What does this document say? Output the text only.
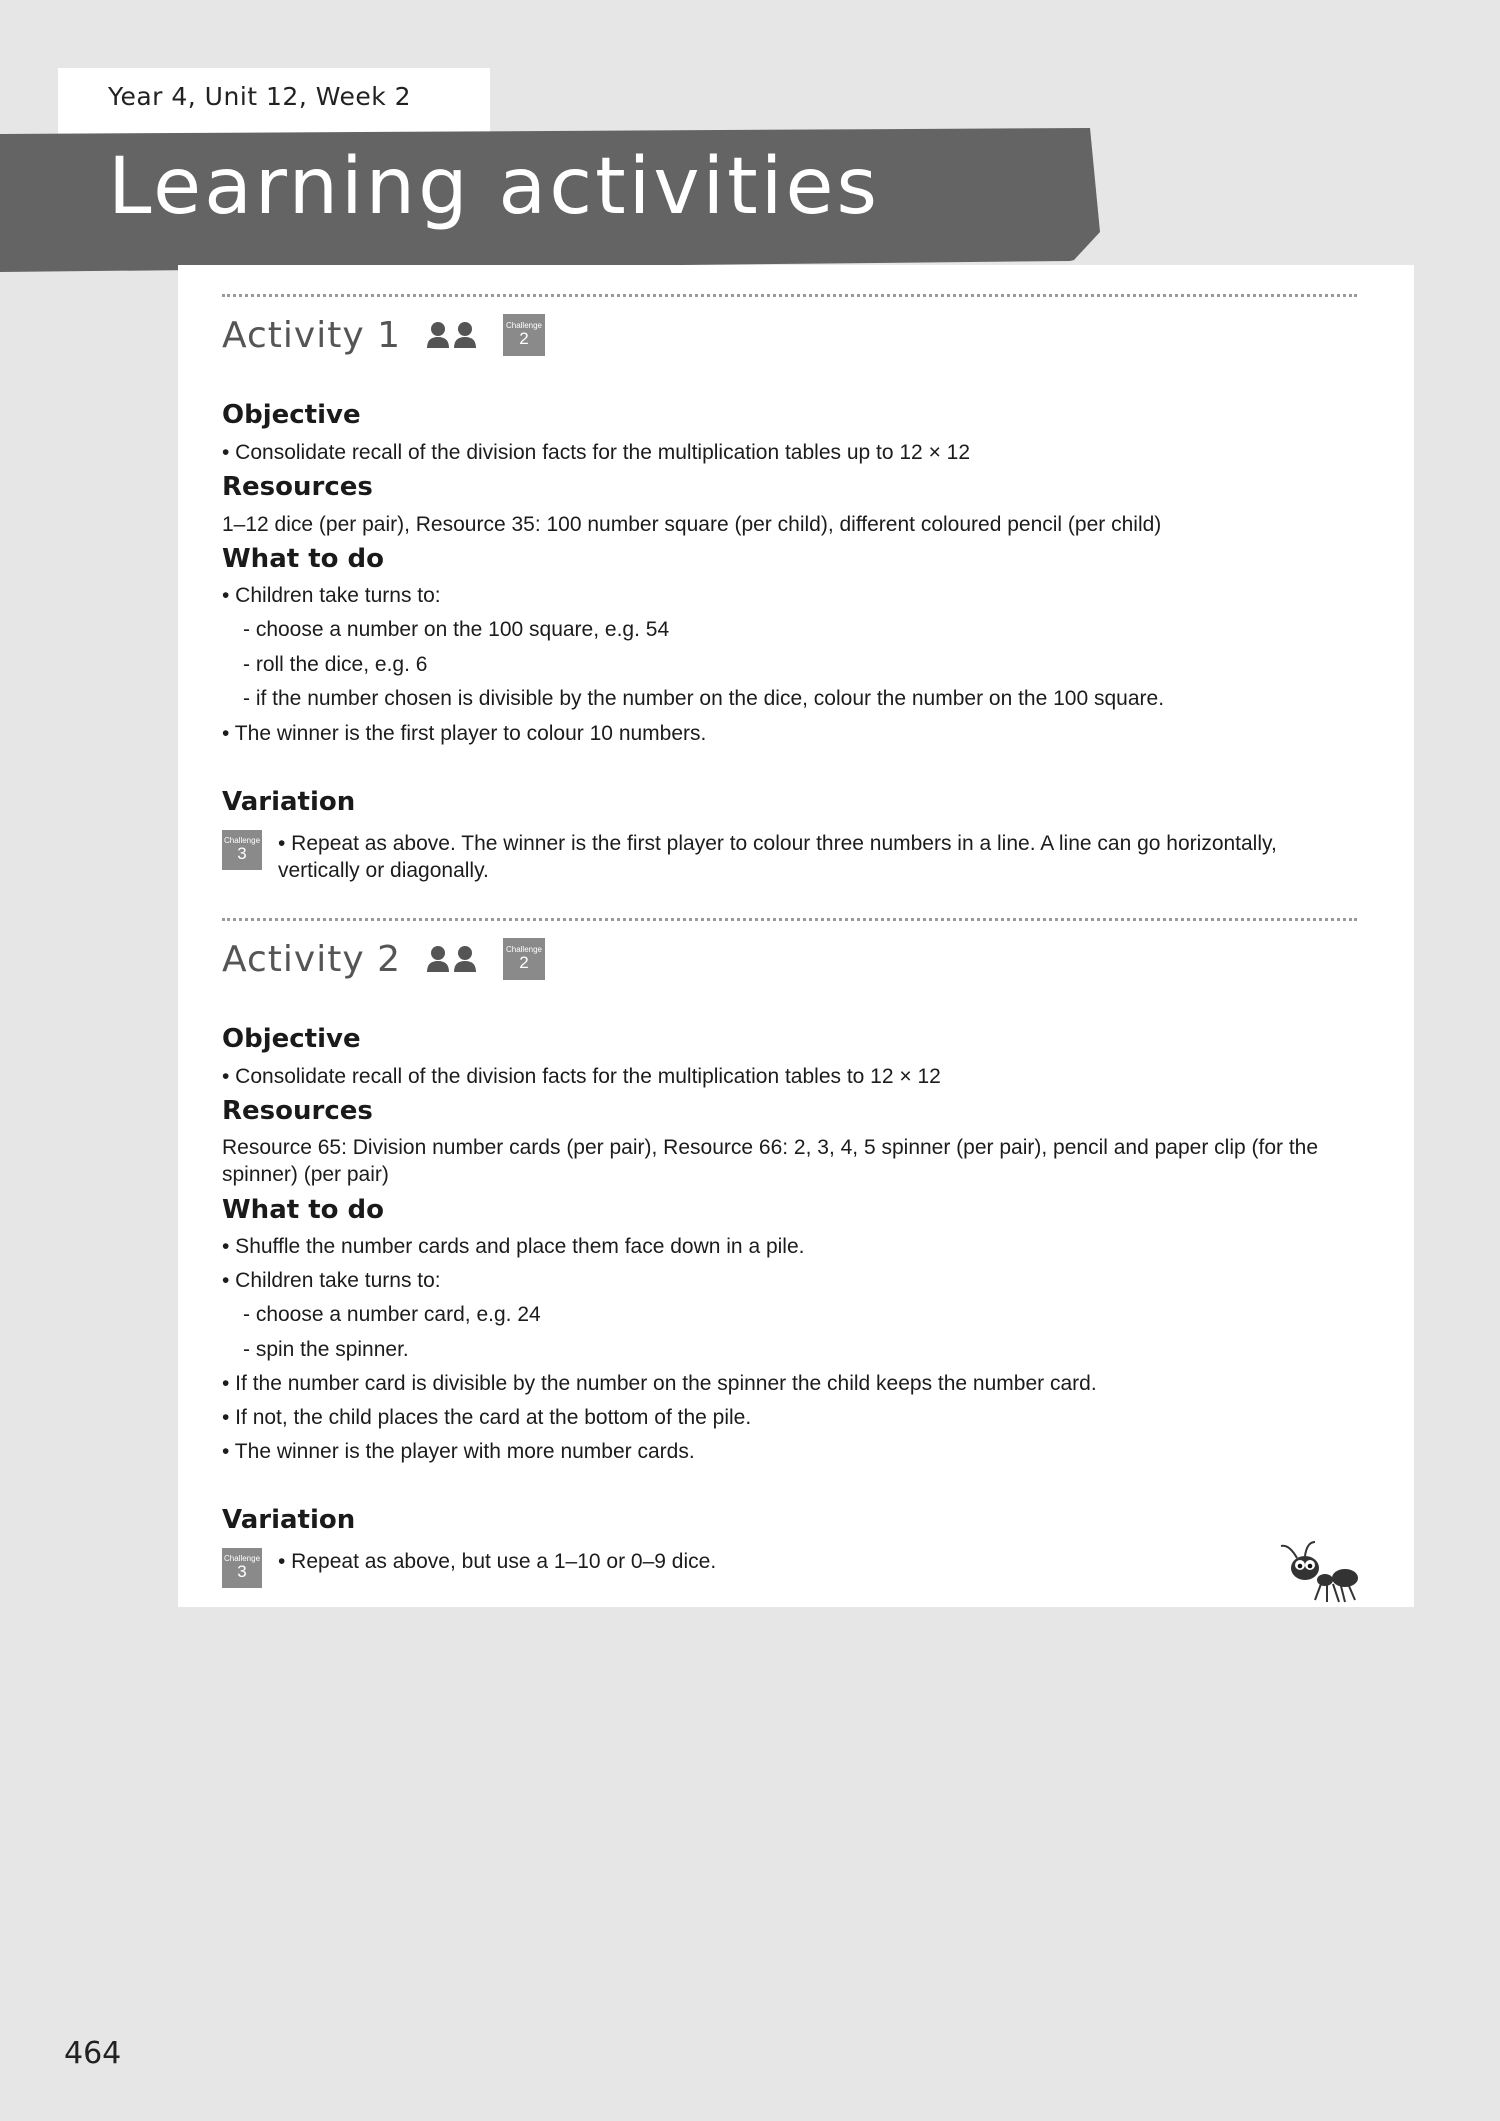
Year 4, Unit 12, Week 2
Learning activities
Activity 1	Challenge
2
Objective
• Consolidate recall of the division facts for the multiplication tables up to 12 × 12
Resources
1–12 dice (per pair), Resource 35: 100 number square (per child), different coloured pencil (per child)
What to do
• Children take turns to:
- choose a number on the 100 square, e.g. 54
- roll the dice, e.g. 6
- if the number chosen is divisible by the number on the dice, colour the number on the 100 square.
• The winner is the first player to colour 10 numbers.
Variation
Challenge
3 • Repeat as above. The winner is the first player to colour three numbers in a line. A line can go horizontally, vertically or diagonally.
Activity 2	Challenge
2
Objective
• Consolidate recall of the division facts for the multiplication tables to 12 × 12
Resources
Resource 65: Division number cards (per pair), Resource 66: 2, 3, 4, 5 spinner (per pair), pencil and paper clip (for the spinner) (per pair)
What to do
• Shuffle the number cards and place them face down in a pile.
• Children take turns to:
- choose a number card, e.g. 24
- spin the spinner.
• If the number card is divisible by the number on the spinner the child keeps the number card.
• If not, the child places the card at the bottom of the pile.
• The winner is the player with more number cards.
Variation
Challenge
3 • Repeat as above, but use a 1–10 or 0–9 dice.
464
